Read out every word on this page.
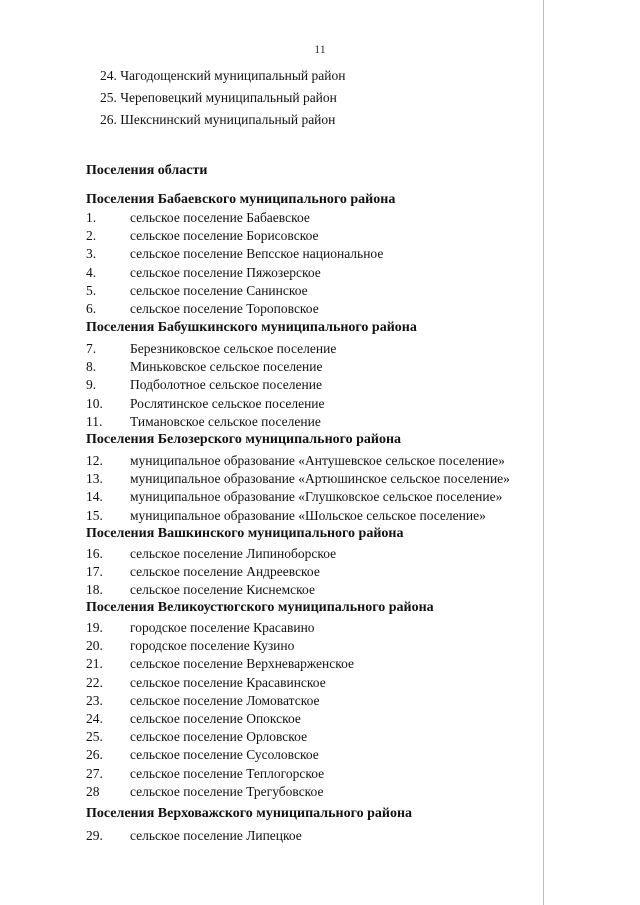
11
24. Чагодощенский муниципальный район
25. Череповецкий муниципальный район
26. Шекснинский муниципальный район
Поселения области
Поселения Бабаевского муниципального района
1.	сельское поселение Бабаевское
2.	сельское поселение Борисовское
3.	сельское поселение Вепсское национальное
4.	сельское поселение Пяжозерское
5.	сельское поселение Санинское
6.	сельское поселение Тороповское
Поселения Бабушкинского муниципального района
7.	Березниковское сельское поселение
8.	Миньковское сельское поселение
9.	Подболотное сельское поселение
10.	Рослятинское сельское поселение
11.	Тимановское сельское поселение
Поселения Белозерского муниципального района
12.	муниципальное образование «Антушевское сельское поселение»
13.	муниципальное образование «Артюшинское сельское поселение»
14.	муниципальное образование «Глушковское сельское поселение»
15.	муниципальное образование «Шольское сельское поселение»
Поселения Вашкинского муниципального района
16.	сельское поселение Липиноборское
17.	сельское поселение Андреевское
18.	сельское поселение Киснемское
Поселения Великоустюгского муниципального района
19.	городское поселение Красавино
20.	городское поселение Кузино
21.	сельское поселение Верхневарженское
22.	сельское поселение Красавинское
23.	сельское поселение Ломоватское
24.	сельское поселение Опокское
25.	сельское поселение Орловское
26.	сельское поселение Сусоловское
27.	сельское поселение Теплогорское
28	сельское поселение Трегубовское
Поселения Верховажского муниципального района
29.	сельское поселение Липецкое
